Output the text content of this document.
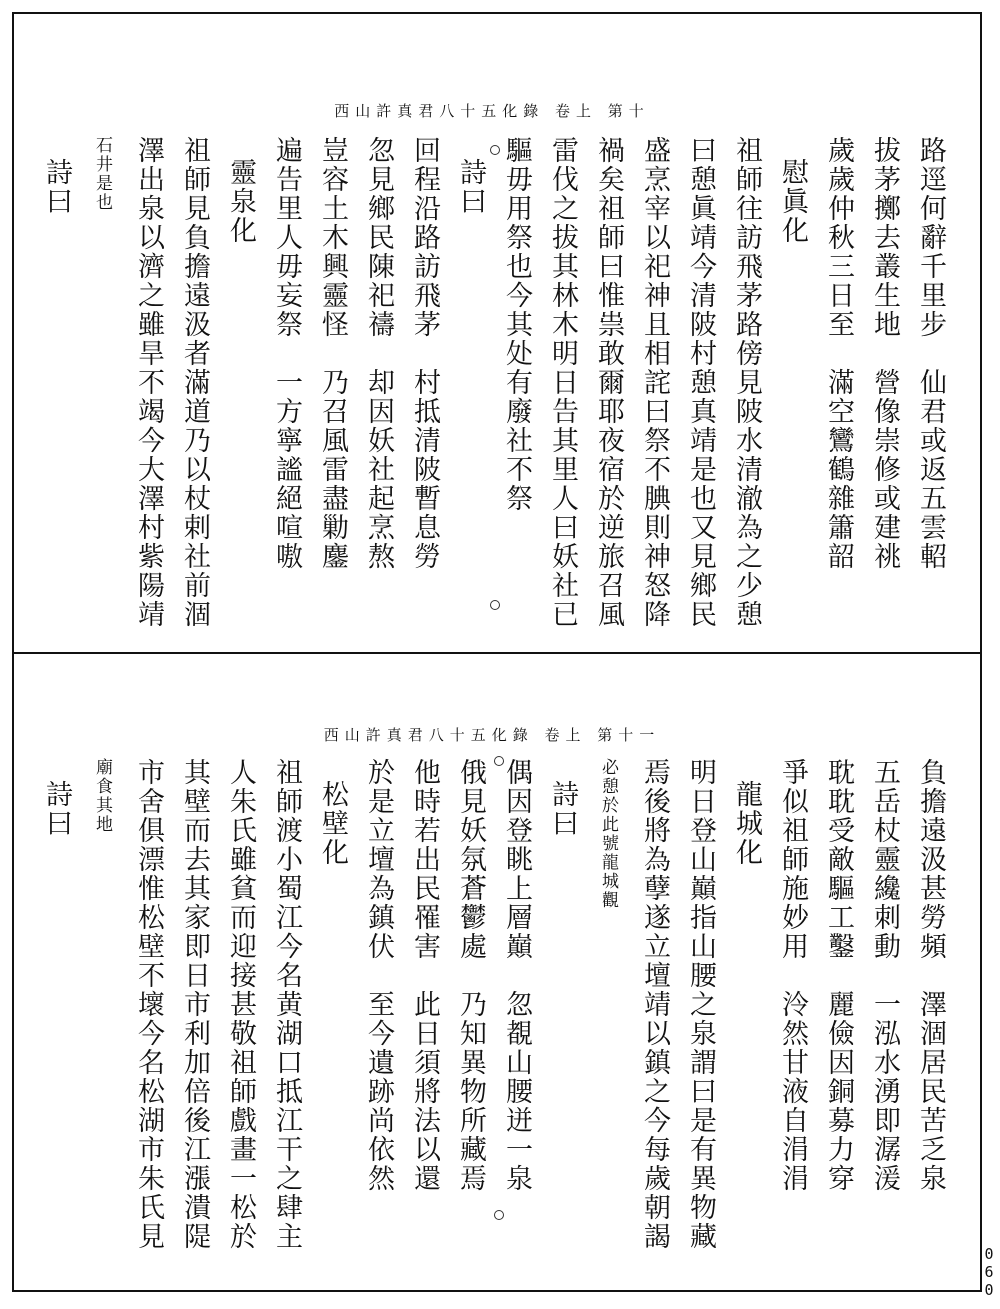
西山許真君八十五化錄 卷上 第十
路逕何辭千里步　仙君或返五雲軺
拔茅擲去叢生地　營像崇修或建祧
歲歲仲秋三日至　滿空鸞鶴雜簫韶
慰眞化
祖師往訪飛茅路傍見陂水清澈為之少憩
曰憩眞靖今清陂村憩真靖是也又見鄉民
盛烹宰以祀神且相詫曰祭不腆則神怒降
禍矣祖師曰惟祟敢爾耶夜宿於逆旅召風
雷伐之拔其林木明日告其里人曰妖社已
驅毋用祭也今其处有廢社不祭
詩曰
回程沿路訪飛茅　村抵清陂暫息勞
忽見鄉民陳祀禱　却因妖社起烹熬
豈容土木興靈怪　乃召風雷盡勦鏖
遍告里人毋妄祭　一方寧謐絕喧嗷
靈泉化
祖師見負擔遠汲者滿道乃以杖剌社前涸
澤出泉以濟之雖旱不竭今大澤村紫陽靖
石井是也
詩曰
西山許真君八十五化錄 卷上 第十一
負擔遠汲甚勞頻　澤涸居民苦乏泉
五岳杖靈纔刺動　一泓水湧即潺湲
耽耽受敵驅工鑿　麗儉因銅募力穿
爭似祖師施妙用　泠然甘液自涓涓
龍城化
明日登山巔指山腰之泉謂曰是有異物藏
焉後將為孽遂立壇靖以鎮之今每歲朝謁
必憩於此號龍城觀
詩曰
偶因登眺上層巔　忽覩山腰迸一泉
俄見妖氛蒼鬱處　乃知異物所藏焉
他時若出民罹害　此日須將法以還
於是立壇為鎮伏　至今遺跡尚依然
松壁化
祖師渡小蜀江今名黄湖口抵江干之肆主
人朱氏雖貧而迎接甚敬祖師戲畫一松於
其壁而去其家即日市利加倍後江漲潰隄
市舍俱漂惟松壁不壞今名松湖市朱氏見
廟食其地
詩曰
060
